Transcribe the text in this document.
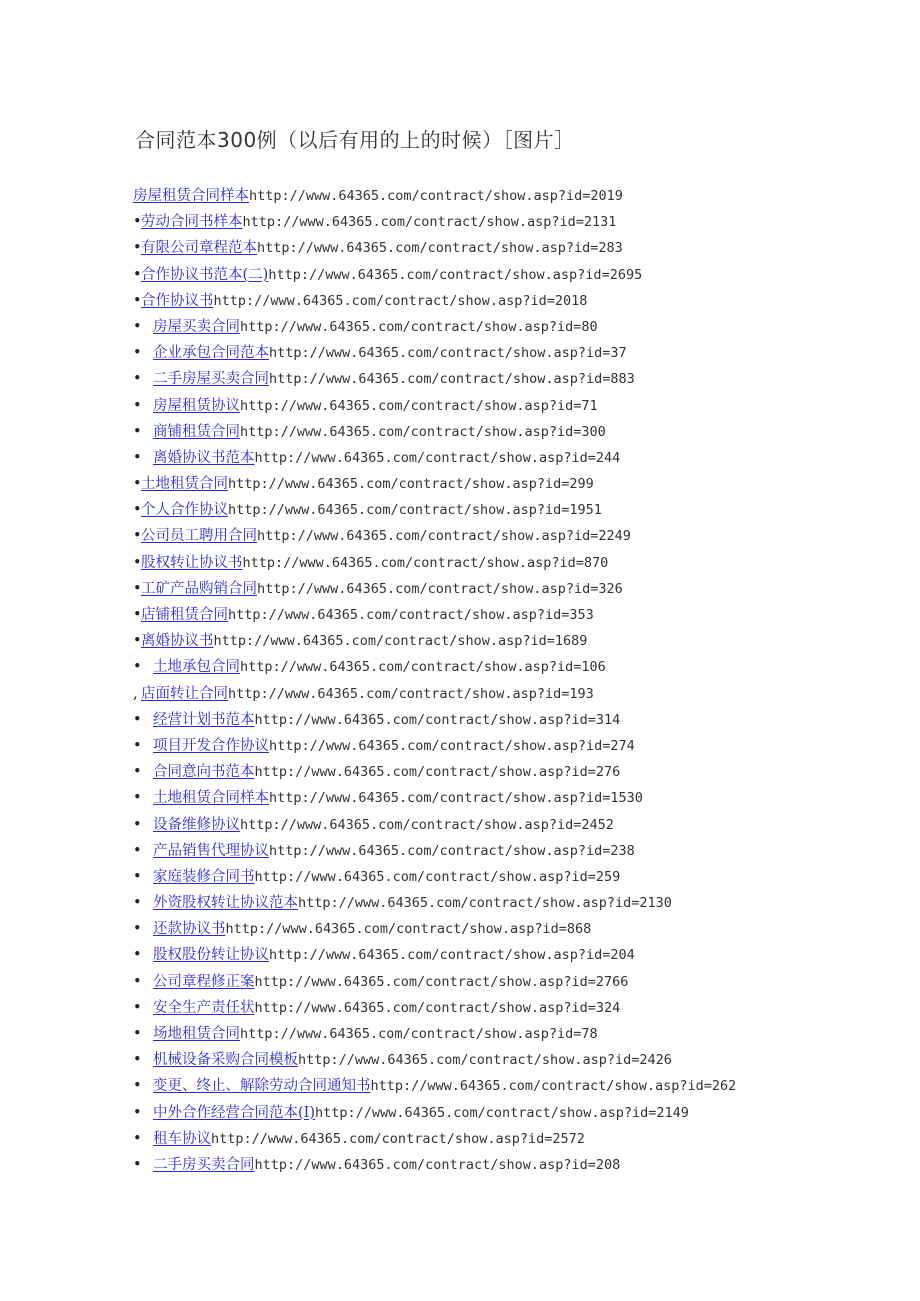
合同范本300例（以后有用的上的时候）［图片］
房屋租赁合同样本http://www.64365.com/contract/show.asp?id=2019
•劳动合同书样本http://www.64365.com/contract/show.asp?id=2131
•有限公司章程范本http://www.64365.com/contract/show.asp?id=283
•合作协议书范本(二)http://www.64365.com/contract/show.asp?id=2695
•合作协议书http://www.64365.com/contract/show.asp?id=2018
• 房屋买卖合同http://www.64365.com/contract/show.asp?id=80
• 企业承包合同范本http://www.64365.com/contract/show.asp?id=37
• 二手房屋买卖合同http://www.64365.com/contract/show.asp?id=883
• 房屋租赁协议http://www.64365.com/contract/show.asp?id=71
• 商铺租赁合同http://www.64365.com/contract/show.asp?id=300
• 离婚协议书范本http://www.64365.com/contract/show.asp?id=244
•土地租赁合同http://www.64365.com/contract/show.asp?id=299
•个人合作协议http://www.64365.com/contract/show.asp?id=1951
•公司员工聘用合同http://www.64365.com/contract/show.asp?id=2249
•股权转让协议书http://www.64365.com/contract/show.asp?id=870
•工矿产品购销合同http://www.64365.com/contract/show.asp?id=326
•店铺租赁合同http://www.64365.com/contract/show.asp?id=353
•离婚协议书http://www.64365.com/contract/show.asp?id=1689
• 土地承包合同http://www.64365.com/contract/show.asp?id=106
, 店面转让合同http://www.64365.com/contract/show.asp?id=193
• 经营计划书范本http://www.64365.com/contract/show.asp?id=314
• 项目开发合作协议http://www.64365.com/contract/show.asp?id=274
• 合同意向书范本http://www.64365.com/contract/show.asp?id=276
• 土地租赁合同样本http://www.64365.com/contract/show.asp?id=1530
• 设备维修协议http://www.64365.com/contract/show.asp?id=2452
• 产品销售代理协议http://www.64365.com/contract/show.asp?id=238
• 家庭装修合同书http://www.64365.com/contract/show.asp?id=259
• 外资股权转让协议范本http://www.64365.com/contract/show.asp?id=2130
• 还款协议书http://www.64365.com/contract/show.asp?id=868
• 股权股份转让协议http://www.64365.com/contract/show.asp?id=204
• 公司章程修正案http://www.64365.com/contract/show.asp?id=2766
• 安全生产责任状http://www.64365.com/contract/show.asp?id=324
• 场地租赁合同http://www.64365.com/contract/show.asp?id=78
• 机械设备采购合同模板http://www.64365.com/contract/show.asp?id=2426
• 变更、终止、解除劳动合同通知书http://www.64365.com/contract/show.asp?id=262
• 中外合作经营合同范本(I)http://www.64365.com/contract/show.asp?id=2149
• 租车协议http://www.64365.com/contract/show.asp?id=2572
• 二手房买卖合同http://www.64365.com/contract/show.asp?id=208
